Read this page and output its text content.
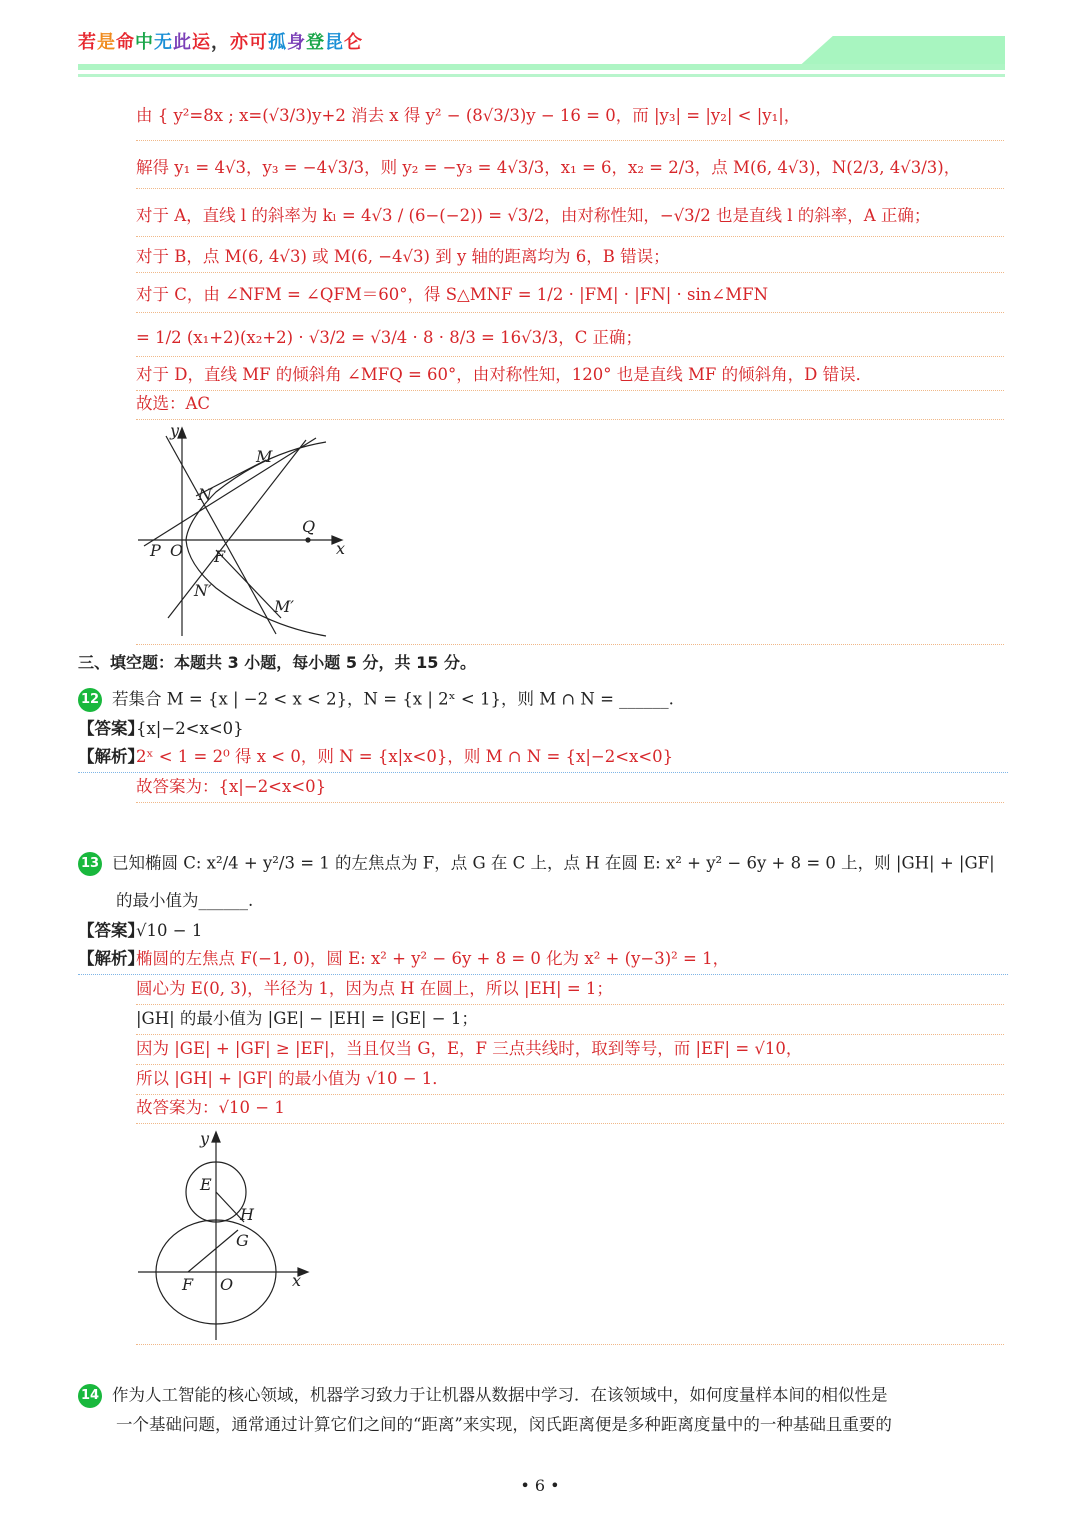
若是命中无此运，亦可孤身登昆仑
由 { y²=8x ; x=(√3/3)y+2 消去 x 得 y² − (8√3/3)y − 16 = 0，而 |y₃| = |y₂| < |y₁|，
解得 y₁ = 4√3，y₃ = −4√3/3，则 y₂ = −y₃ = 4√3/3，x₁ = 6，x₂ = 2/3，点 M(6, 4√3)，N(2/3, 4√3/3)，
对于 A，直线 l 的斜率为 kₗ = 4√3 / (6−(−2)) = √3/2，由对称性知，−√3/2 也是直线 l 的斜率，A 正确；
对于 B，点 M(6, 4√3) 或 M(6, −4√3) 到 y 轴的距离均为 6，B 错误；
对于 C，由 ∠NFM = ∠QFM＝60°，得 S△MNF = 1/2 · |FM| · |FN| · sin∠MFN
= 1/2 (x₁+2)(x₂+2) · √3/2 = √3/4 · 8 · 8/3 = 16√3/3，C 正确；
对于 D，直线 MF 的倾斜角 ∠MFQ = 60°，由对称性知，120° 也是直线 MF 的倾斜角，D 错误．
故选：AC
y
M
N
Q
P O F	x
N′
M′
三、填空题：本题共 3 小题，每小题 5 分，共 15 分。
12 若集合 M = {x | −2 < x < 2}，N = {x | 2ˣ < 1}，则 M ∩ N = ______.
【答案】{x|−2<x<0}
【解析】2ˣ < 1 = 2⁰ 得 x < 0，则 N = {x|x<0}，则 M ∩ N = {x|−2<x<0}
故答案为：{x|−2<x<0}
13 已知椭圆 C: x²/4 + y²/3 = 1 的左焦点为 F，点 G 在 C 上，点 H 在圆 E: x² + y² − 6y + 8 = 0 上，则 |GH| + |GF|
的最小值为______.
【答案】√10 − 1
【解析】椭圆的左焦点 F(−1, 0)，圆 E: x² + y² − 6y + 8 = 0 化为 x² + (y−3)² = 1，
圆心为 E(0, 3)，半径为 1，因为点 H 在圆上，所以 |EH| = 1；
|GH| 的最小值为 |GE| − |EH| = |GE| − 1；
因为 |GE| + |GF| ≥ |EF|，当且仅当 G，E，F 三点共线时，取到等号，而 |EF| = √10，
所以 |GH| + |GF| 的最小值为 √10 − 1．
故答案为：√10 − 1
y
E
H
G
F O	x
14 作为人工智能的核心领域，机器学习致力于让机器从数据中学习．在该领域中，如何度量样本间的相似性是
一个基础问题，通常通过计算它们之间的“距离”来实现，闵氏距离便是多种距离度量中的一种基础且重要的
• 6 •
